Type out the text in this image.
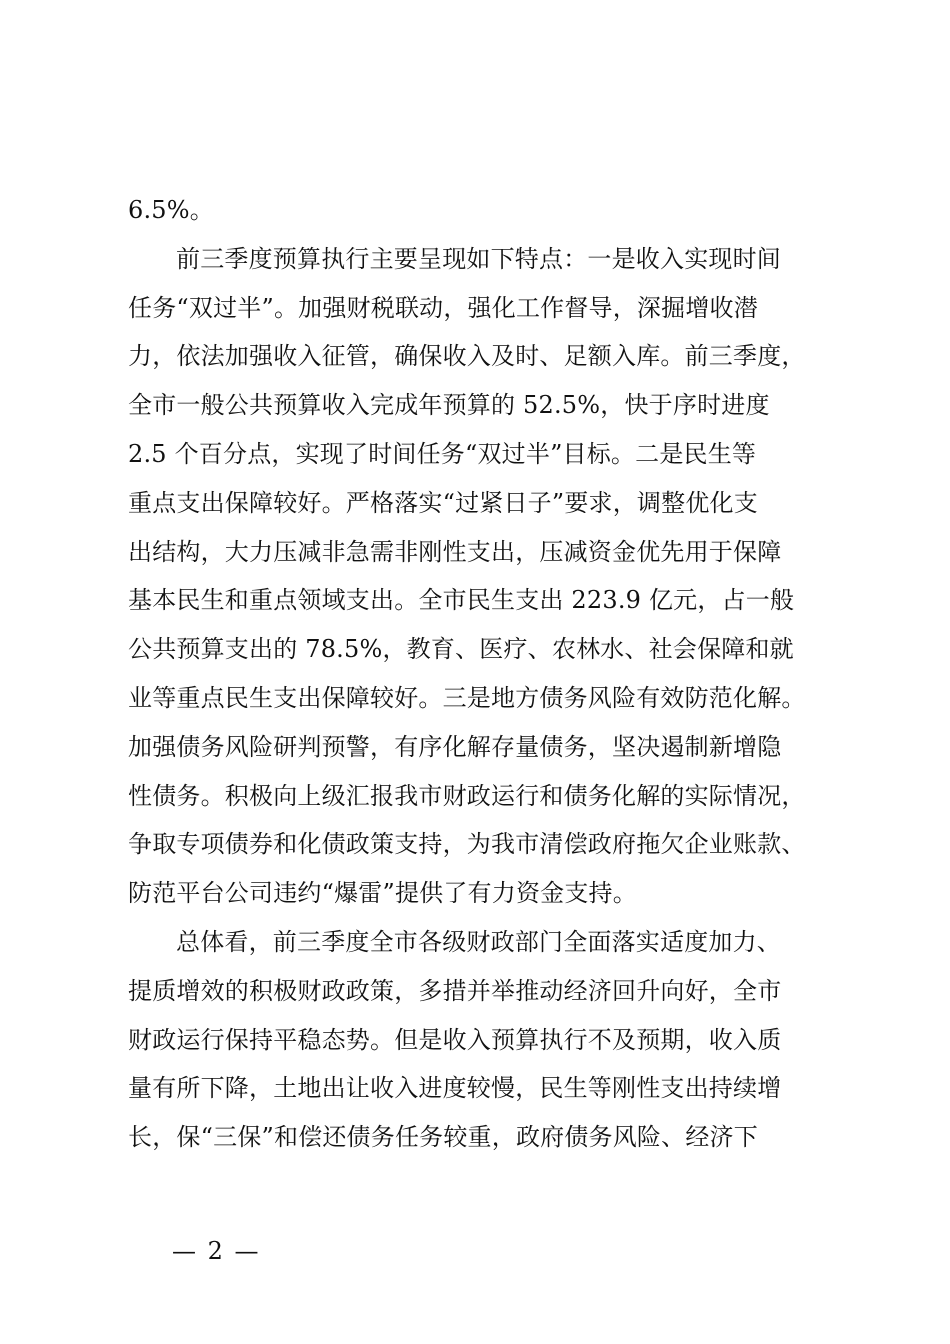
6.5%。
前三季度预算执行主要呈现如下特点：一是收入实现时间
任务“双过半”。加强财税联动，强化工作督导，深掘增收潜
力，依法加强收入征管，确保收入及时、足额入库。前三季度，
全市一般公共预算收入完成年预算的 52.5%，快于序时进度
2.5 个百分点，实现了时间任务“双过半”目标。二是民生等
重点支出保障较好。严格落实“过紧日子”要求，调整优化支
出结构，大力压减非急需非刚性支出，压减资金优先用于保障
基本民生和重点领域支出。全市民生支出 223.9 亿元，占一般
公共预算支出的 78.5%，教育、医疗、农林水、社会保障和就
业等重点民生支出保障较好。三是地方债务风险有效防范化解。
加强债务风险研判预警，有序化解存量债务，坚决遏制新增隐
性债务。积极向上级汇报我市财政运行和债务化解的实际情况，
争取专项债券和化债政策支持，为我市清偿政府拖欠企业账款、
防范平台公司违约“爆雷”提供了有力资金支持。
总体看，前三季度全市各级财政部门全面落实适度加力、
提质增效的积极财政政策，多措并举推动经济回升向好，全市
财政运行保持平稳态势。但是收入预算执行不及预期，收入质
量有所下降，土地出让收入进度较慢，民生等刚性支出持续增
长，保“三保”和偿还债务任务较重，政府债务风险、经济下
— 2 —
